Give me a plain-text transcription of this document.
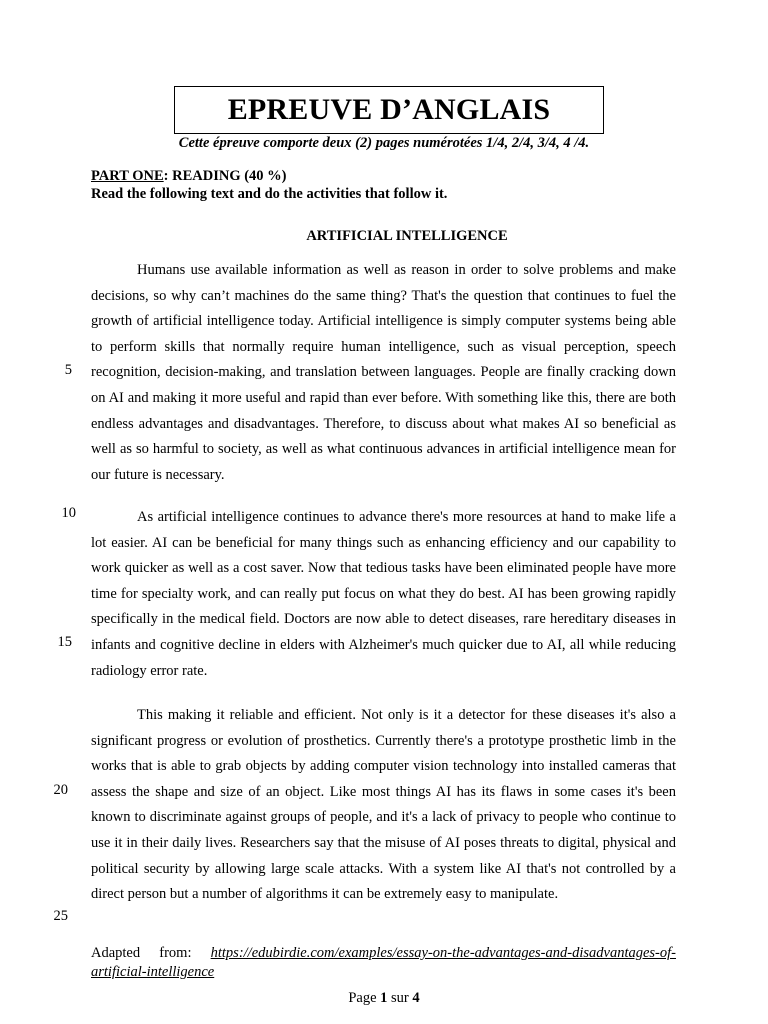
EPREUVE D’ANGLAIS
Cette épreuve comporte deux (2) pages numérotées 1/4, 2/4, 3/4, 4 /4.
PART ONE: READING (40 %)
Read the following text and do the activities that follow it.
ARTIFICIAL INTELLIGENCE

Humans use available information as well as reason in order to solve problems and make decisions, so why can’t machines do the same thing? That's the question that continues to fuel the growth of artificial intelligence today. Artificial intelligence is simply computer systems being able to perform skills that normally require human intelligence, such as visual perception, speech recognition, decision-making, and translation between languages. People are finally cracking down on AI and making it more useful and rapid than ever before. With something like this, there are both endless advantages and disadvantages. Therefore, to discuss about what makes AI so beneficial as well as so harmful to society, as well as what continuous advances in artificial intelligence mean for our future is necessary.

As artificial intelligence continues to advance there's more resources at hand to make life a lot easier. AI can be beneficial for many things such as enhancing efficiency and our capability to work quicker as well as a cost saver. Now that tedious tasks have been eliminated people have more time for specialty work, and can really put focus on what they do best. AI has been growing rapidly specifically in the medical field. Doctors are now able to detect diseases, rare hereditary diseases in infants and cognitive decline in elders with Alzheimer's much quicker due to AI, all while reducing radiology error rate.

This making it reliable and efficient. Not only is it a detector for these diseases it's also a significant progress or evolution of prosthetics. Currently there's a prototype prosthetic limb in the works that is able to grab objects by adding computer vision technology into installed cameras that assess the shape and size of an object. Like most things AI has its flaws in some cases it's been known to discriminate against groups of people, and it's a lack of privacy to people who continue to use it in their daily lives. Researchers say that the misuse of AI poses threats to digital, physical and political security by allowing large scale attacks. With a system like AI that's not controlled by a direct person but a number of algorithms it can be extremely easy to manipulate.

5
10
15
20
25
Adapted from: https://edubirdie.com/examples/essay-on-the-advantages-and-disadvantages-of-artificial-intelligence
Page 1 sur 4
